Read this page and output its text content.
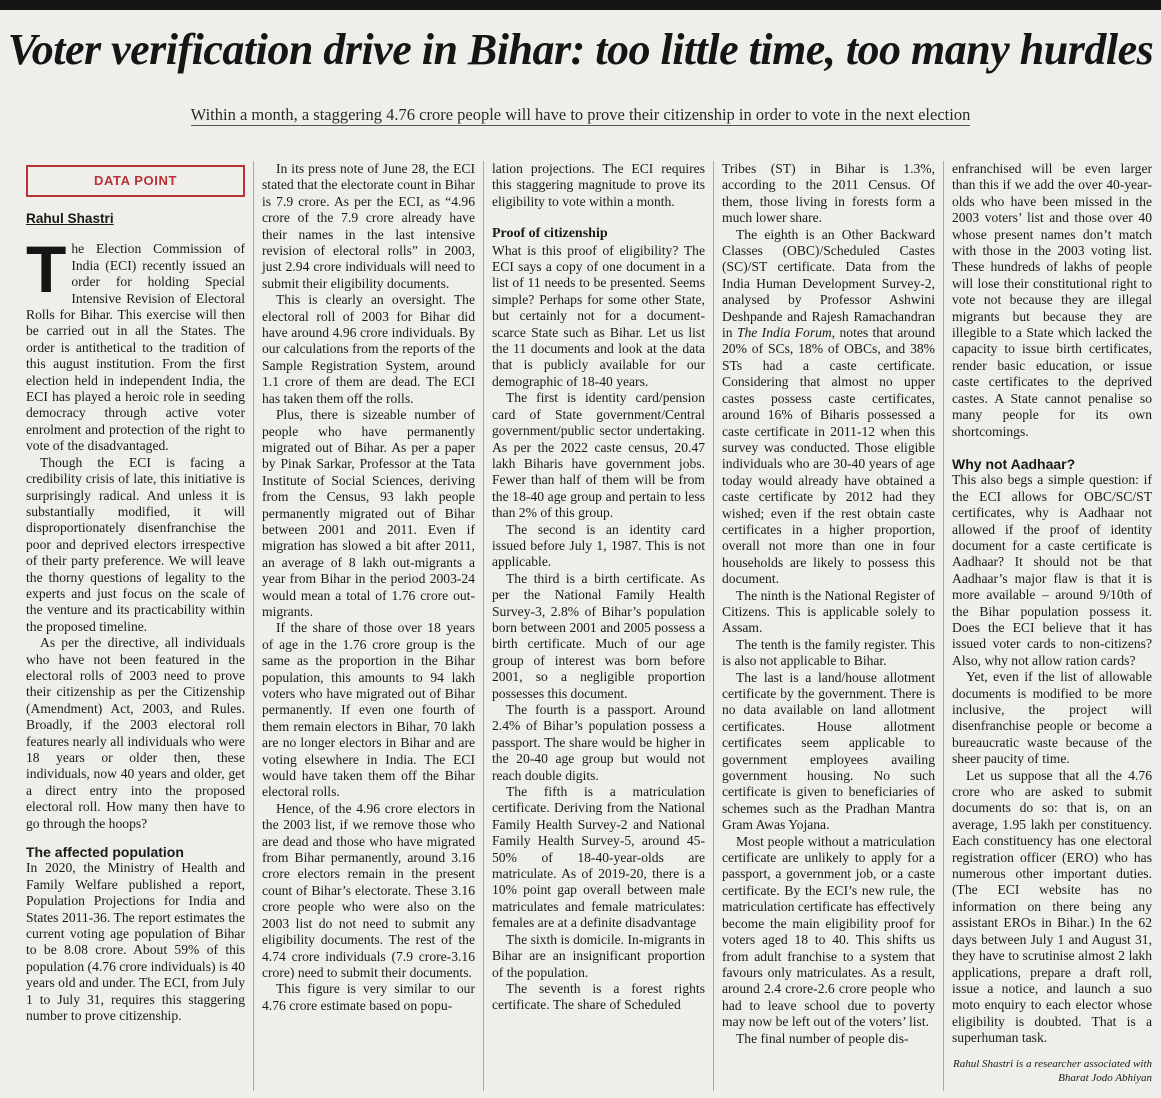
Voter verification drive in Bihar: too little time, too many hurdles
Within a month, a staggering 4.76 crore people will have to prove their citizenship in order to vote in the next election
DATA POINT
Rahul Shastri

The Election Commission of India (ECI) recently issued an order for holding Special Intensive Revision of Electoral Rolls for Bihar. This exercise will then be carried out in all the States. The order is antithetical to the tradition of this august institution. From the first election held in independent India, the ECI has played a heroic role in seeding democracy through active voter enrolment and protection of the right to vote of the disadvantaged.

Though the ECI is facing a credibility crisis of late, this initiative is surprisingly radical. And unless it is substantially modified, it will disproportionately disenfranchise the poor and deprived electors irrespective of their party preference. We will leave the thorny questions of legality to the experts and just focus on the scale of the venture and its practicability within the proposed timeline.

As per the directive, all individuals who have not been featured in the electoral rolls of 2003 need to prove their citizenship as per the Citizenship (Amendment) Act, 2003, and Rules. Broadly, if the 2003 electoral roll features nearly all individuals who were 18 years or older then, these individuals, now 40 years and older, get a direct entry into the proposed electoral roll. How many then have to go through the hoops?

The affected population

In 2020, the Ministry of Health and Family Welfare published a report, Population Projections for India and States 2011-36. The report estimates the current voting age population of Bihar to be 8.08 crore. About 59% of this population (4.76 crore individuals) is 40 years old and under. The ECI, from July 1 to July 31, requires this staggering number to prove citizenship.

In its press note of June 28, the ECI stated that the electorate count in Bihar is 7.9 crore. As per the ECI, as “4.96 crore of the 7.9 crore already have their names in the last intensive revision of electoral rolls” in 2003, just 2.94 crore individuals will need to submit their eligibility documents.

This is clearly an oversight. The electoral roll of 2003 for Bihar did have around 4.96 crore individuals. By our calculations from the reports of the Sample Registration System, around 1.1 crore of them are dead. The ECI has taken them off the rolls.

Plus, there is sizeable number of people who have permanently migrated out of Bihar. As per a paper by Pinak Sarkar, Professor at the Tata Institute of Social Sciences, deriving from the Census, 93 lakh people permanently migrated out of Bihar between 2001 and 2011. Even if migration has slowed a bit after 2011, an average of 8 lakh out-migrants a year from Bihar in the period 2003-24 would mean a total of 1.76 crore out-migrants.

If the share of those over 18 years of age in the 1.76 crore group is the same as the proportion in the Bihar population, this amounts to 94 lakh voters who have migrated out of Bihar permanently. If even one fourth of them remain electors in Bihar, 70 lakh are no longer electors in Bihar and are voting elsewhere in India. The ECI would have taken them off the Bihar electoral rolls.

Hence, of the 4.96 crore electors in the 2003 list, if we remove those who are dead and those who have migrated from Bihar permanently, around 3.16 crore electors remain in the present count of Bihar’s electorate. These 3.16 crore people who were also on the 2003 list do not need to submit any eligibility documents. The rest of the 4.74 crore individuals (7.9 crore-3.16 crore) need to submit their documents.

This figure is very similar to our 4.76 crore estimate based on popu-

lation projections. The ECI requires this staggering magnitude to prove its eligibility to vote within a month.

Proof of citizenship

What is this proof of eligibility? The ECI says a copy of one document in a list of 11 needs to be presented. Seems simple? Perhaps for some other State, but certainly not for a document-scarce State such as Bihar. Let us list the 11 documents and look at the data that is publicly available for our demographic of 18-40 years.

The first is identity card/pension card of State government/Central government/public sector undertaking. As per the 2022 caste census, 20.47 lakh Biharis have government jobs. Fewer than half of them will be from the 18-40 age group and pertain to less than 2% of this group.

The second is an identity card issued before July 1, 1987. This is not applicable.

The third is a birth certificate. As per the National Family Health Survey-3, 2.8% of Bihar’s population born between 2001 and 2005 possess a birth certificate. Much of our age group of interest was born before 2001, so a negligible proportion possesses this document.

The fourth is a passport. Around 2.4% of Bihar’s population possess a passport. The share would be higher in the 20-40 age group but would not reach double digits.

The fifth is a matriculation certificate. Deriving from the National Family Health Survey-2 and National Family Health Survey-5, around 45-50% of 18-40-year-olds are matriculate. As of 2019-20, there is a 10% point gap overall between male matriculates and female matriculates: females are at a definite disadvantage

The sixth is domicile. In-migrants in Bihar are an insignificant proportion of the population.

The seventh is a forest rights certificate. The share of Scheduled

Tribes (ST) in Bihar is 1.3%, according to the 2011 Census. Of them, those living in forests form a much lower share.

The eighth is an Other Backward Classes (OBC)/Scheduled Castes (SC)/ST certificate. Data from the India Human Development Survey-2, analysed by Professor Ashwini Deshpande and Rajesh Ramachandran in The India Forum, notes that around 20% of SCs, 18% of OBCs, and 38% STs had a caste certificate. Considering that almost no upper castes possess caste certificates, around 16% of Biharis possessed a caste certificate in 2011-12 when this survey was conducted. Those eligible individuals who are 30-40 years of age today would already have obtained a caste certificate by 2012 had they wished; even if the rest obtain caste certificates in a higher proportion, overall not more than one in four households are likely to possess this document.

The ninth is the National Register of Citizens. This is applicable solely to Assam.

The tenth is the family register. This is also not applicable to Bihar.

The last is a land/house allotment certificate by the government. There is no data available on land allotment certificates. House allotment certificates seem applicable to government employees availing government housing. No such certificate is given to beneficiaries of schemes such as the Pradhan Mantra Gram Awas Yojana.

Most people without a matriculation certificate are unlikely to apply for a passport, a government job, or a caste certificate. By the ECI’s new rule, the matriculation certificate has effectively become the main eligibility proof for voters aged 18 to 40. This shifts us from adult franchise to a system that favours only matriculates. As a result, around 2.4 crore-2.6 crore people who had to leave school due to poverty may now be left out of the voters’ list.

The final number of people dis-

enfranchised will be even larger than this if we add the over 40-year-olds who have been missed in the 2003 voters’ list and those over 40 whose present names don’t match with those in the 2003 voting list. These hundreds of lakhs of people will lose their constitutional right to vote not because they are illegal migrants but because they are illegible to a State which lacked the capacity to issue birth certificates, render basic education, or issue caste certificates to the deprived castes. A State cannot penalise so many people for its own shortcomings.

Why not Aadhaar?

This also begs a simple question: if the ECI allows for OBC/SC/ST certificates, why is Aadhaar not allowed if the proof of identity document for a caste certificate is Aadhaar? It should not be that Aadhaar’s major flaw is that it is more available – around 9/10th of the Bihar population possess it. Does the ECI believe that it has issued voter cards to non-citizens? Also, why not allow ration cards?

Yet, even if the list of allowable documents is modified to be more inclusive, the project will disenfranchise people or become a bureaucratic waste because of the sheer paucity of time.

Let us suppose that all the 4.76 crore who are asked to submit documents do so: that is, on an average, 1.95 lakh per constituency. Each constituency has one electoral registration officer (ERO) who has numerous other important duties. (The ECI website has no information on there being any assistant EROs in Bihar.) In the 62 days between July 1 and August 31, they have to scrutinise almost 2 lakh applications, prepare a draft roll, issue a notice, and launch a suo moto enquiry to each elector whose eligibility is doubted. That is a superhuman task.

Rahul Shastri is a researcher associated with
Bharat Jodo Abhiyan
